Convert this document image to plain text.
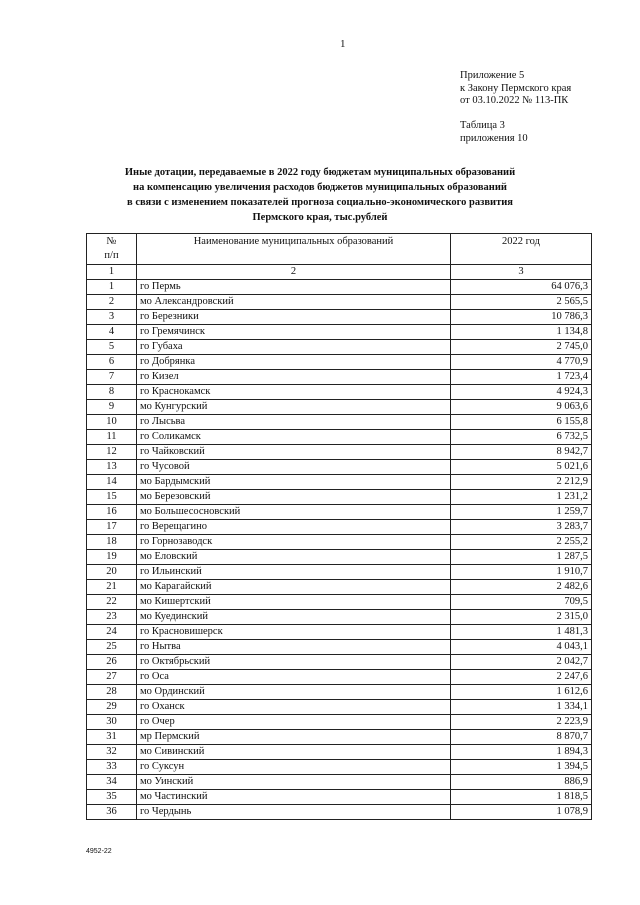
1
Приложение 5
к Закону Пермского края
от 03.10.2022 № 113-ПК
Таблица 3
приложения 10
Иные дотации, передаваемые в 2022 году бюджетам муниципальных образований
на компенсацию увеличения расходов бюджетов муниципальных образований
в связи с изменением показателей прогноза социально-экономического развития
Пермского края, тыс.рублей
№
п/п	Наименование муниципальных образований	2022 год
1	2	3
1	го Пермь	64 076,3
2	мо Александровский	2 565,5
3	го Березники	10 786,3
4	го Гремячинск	1 134,8
5	го Губаха	2 745,0
6	го Добрянка	4 770,9
7	го Кизел	1 723,4
8	го Краснокамск	4 924,3
9	мо Кунгурский	9 063,6
10	го Лысьва	6 155,8
11	го Соликамск	6 732,5
12	го Чайковский	8 942,7
13	го Чусовой	5 021,6
14	мо Бардымский	2 212,9
15	мо Березовский	1 231,2
16	мо Большесосновский	1 259,7
17	го Верещагино	3 283,7
18	го Горнозаводск	2 255,2
19	мо Еловский	1 287,5
20	го Ильинский	1 910,7
21	мо Карагайский	2 482,6
22	мо Кишертский	709,5
23	мо Куединский	2 315,0
24	го Красновишерск	1 481,3
25	го Нытва	4 043,1
26	го Октябрьский	2 042,7
27	го Оса	2 247,6
28	мо Ординский	1 612,6
29	го Оханск	1 334,1
30	го Очер	2 223,9
31	мр Пермский	8 870,7
32	мо Сивинский	1 894,3
33	го Суксун	1 394,5
34	мо Уинский	886,9
35	мо Частинский	1 818,5
36	го Чердынь	1 078,9
4952-22
